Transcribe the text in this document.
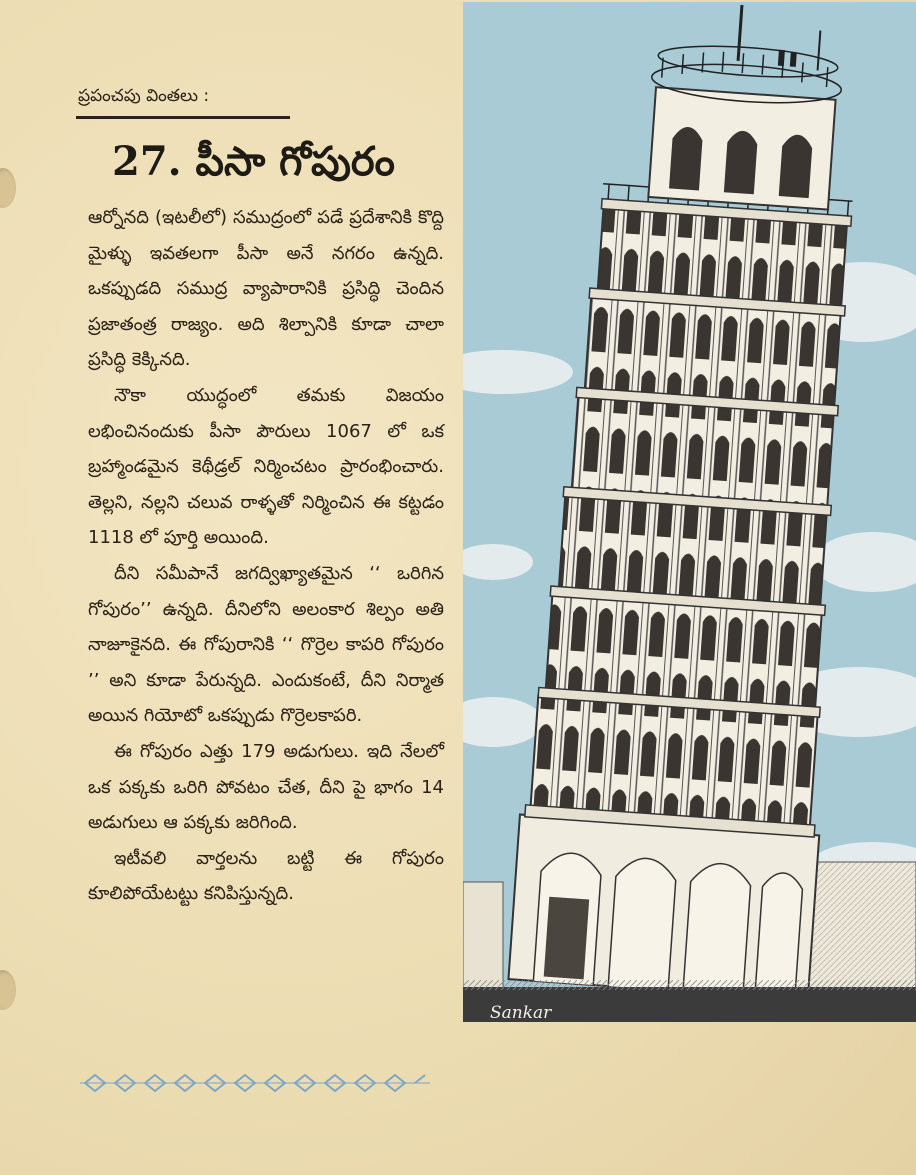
ప్రపంచపు వింతలు :
27. పీసా గోపురం

ఆర్నోనది (ఇటలీలో) సముద్రంలో పడే ప్రదేశానికి కొద్ది మైళ్ళు ఇవతలగా పీసా అనే నగరం ఉన్నది. ఒకప్పుడది సముద్ర వ్యాపారానికి ప్రసిద్ధి చెందిన ప్రజాతంత్ర రాజ్యం. అది శిల్పానికి కూడా చాలా ప్రసిద్ధి కెక్కినది.

నౌకా యుద్ధంలో తమకు విజయం లభించినందుకు పీసా పౌరులు 1067 లో ఒక బ్రహ్మాండమైన కెథీడ్రల్ నిర్మించటం ప్రారంభించారు. తెల్లని, నల్లని చలువ రాళ్ళతో నిర్మించిన ఈ కట్టడం 1118 లో పూర్తి అయింది.

దీని సమీపానే జగద్విఖ్యాతమైన ‘‘ ఒరిగిన గోపురం’’ ఉన్నది. దీనిలోని అలంకార శిల్పం అతి నాజూకైనది. ఈ గోపురానికి ‘‘ గొర్రెల కాపరి గోపురం ’’ అని కూడా పేరున్నది. ఎందుకంటే, దీని నిర్మాత అయిన గియోటో ఒకప్పుడు గొర్రెలకాపరి.

ఈ గోపురం ఎత్తు 179 అడుగులు. ఇది నేలలో ఒక పక్కకు ఒరిగి పోవటం చేత, దీని పై భాగం 14 అడుగులు ఆ పక్కకు జరిగింది.

ఇటీవలి వార్తలను బట్టి ఈ గోపురం కూలిపోయేటట్టు కనిపిస్తున్నది.

Sankar
